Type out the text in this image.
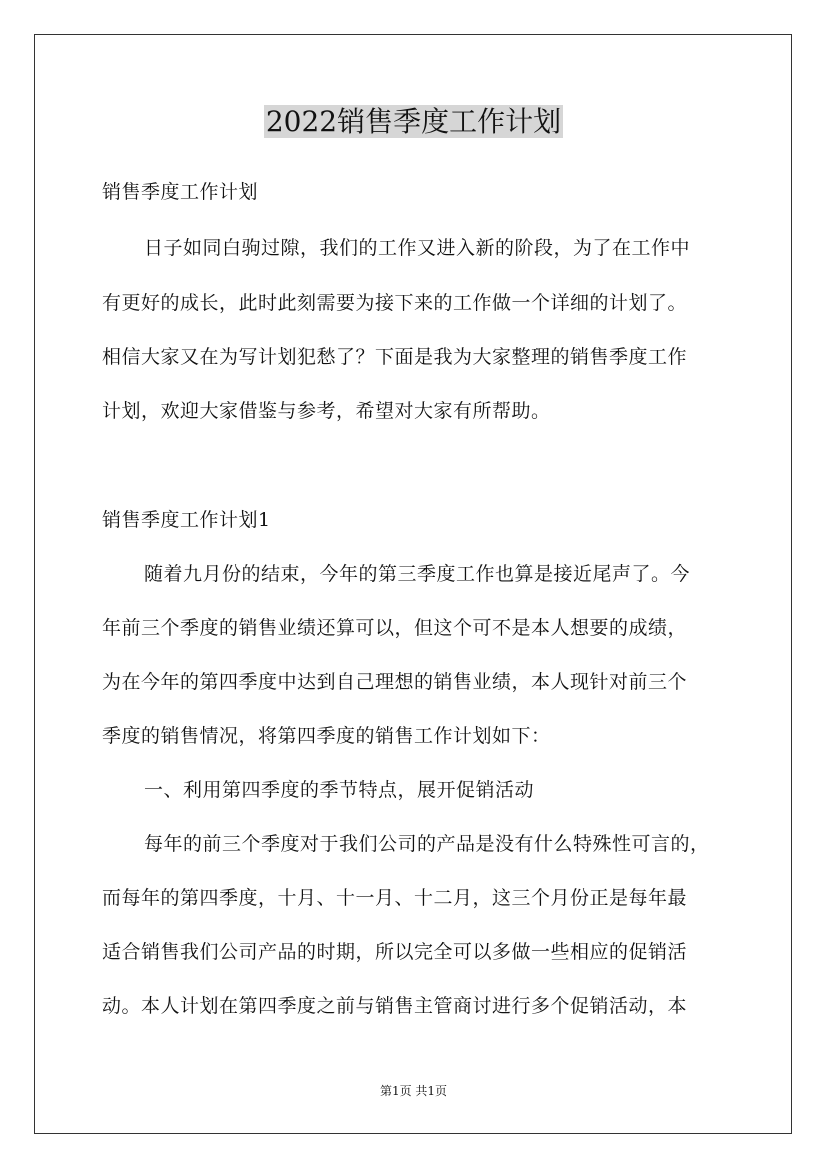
2022销售季度工作计划
销售季度工作计划
日子如同白驹过隙，我们的工作又进入新的阶段，为了在工作中
有更好的成长，此时此刻需要为接下来的工作做一个详细的计划了。
相信大家又在为写计划犯愁了？下面是我为大家整理的销售季度工作
计划，欢迎大家借鉴与参考，希望对大家有所帮助。
销售季度工作计划1
随着九月份的结束，今年的第三季度工作也算是接近尾声了。今
年前三个季度的销售业绩还算可以，但这个可不是本人想要的成绩，
为在今年的第四季度中达到自己理想的销售业绩，本人现针对前三个
季度的销售情况，将第四季度的销售工作计划如下：
一、利用第四季度的季节特点，展开促销活动
每年的前三个季度对于我们公司的产品是没有什么特殊性可言的，
而每年的第四季度，十月、十一月、十二月，这三个月份正是每年最
适合销售我们公司产品的时期，所以完全可以多做一些相应的促销活
动。本人计划在第四季度之前与销售主管商讨进行多个促销活动，本
第1页 共1页
